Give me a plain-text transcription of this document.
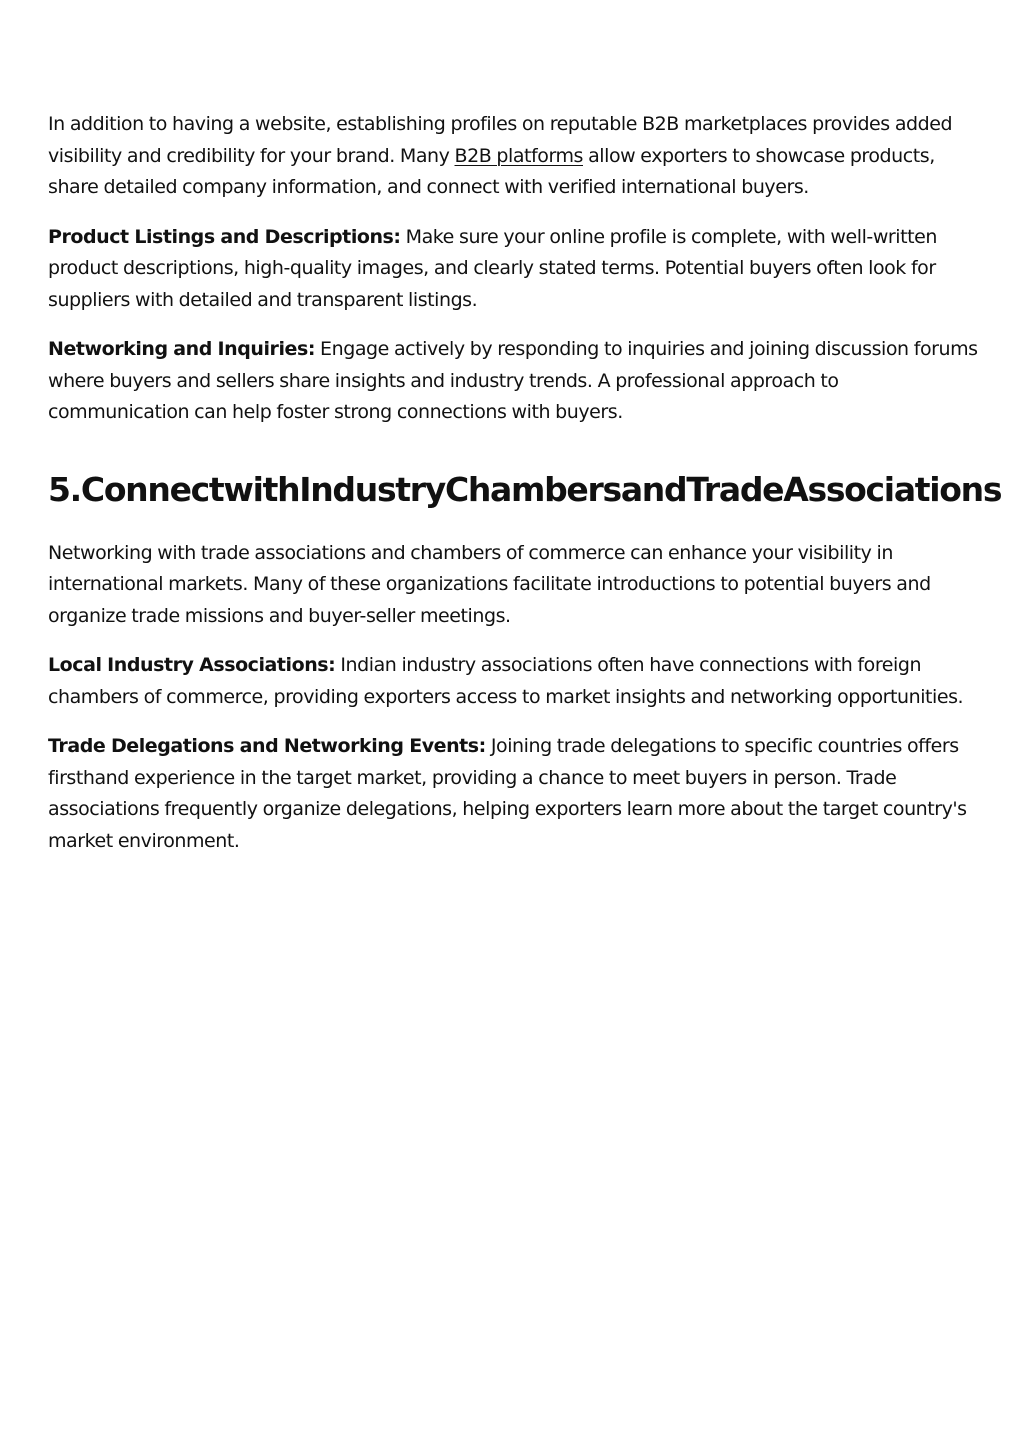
In addition to having a website, establishing profiles on reputable B2B marketplaces provides added visibility and credibility for your brand. Many B2B platforms allow exporters to showcase products, share detailed company information, and connect with verified international buyers.

Product Listings and Descriptions: Make sure your online profile is complete, with well-written product descriptions, high-quality images, and clearly stated terms. Potential buyers often look for suppliers with detailed and transparent listings.

Networking and Inquiries: Engage actively by responding to inquiries and joining discussion forums where buyers and sellers share insights and industry trends. A professional approach to communication can help foster strong connections with buyers.

5.ConnectwithIndustryChambersandTradeAssociations

Networking with trade associations and chambers of commerce can enhance your visibility in international markets. Many of these organizations facilitate introductions to potential buyers and organize trade missions and buyer-seller meetings.

Local Industry Associations: Indian industry associations often have connections with foreign chambers of commerce, providing exporters access to market insights and networking opportunities.

Trade Delegations and Networking Events: Joining trade delegations to specific countries offers firsthand experience in the target market, providing a chance to meet buyers in person. Trade associations frequently organize delegations, helping exporters learn more about the target country's market environment.
